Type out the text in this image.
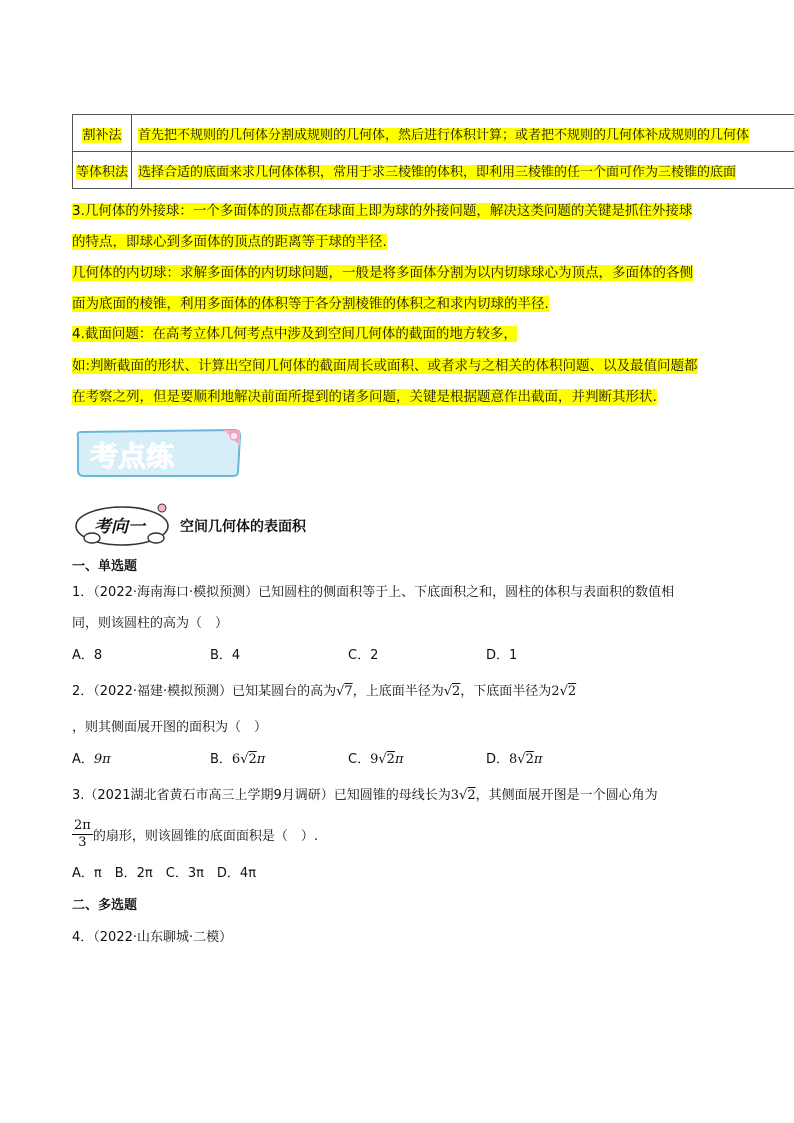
割补法	首先把不规则的几何体分割成规则的几何体，然后进行体积计算；或者把不规则的几何体补成规则的几何体
等体积法	选择合适的底面来求几何体体积，常用于求三棱锥的体积，即利用三棱锥的任一个面可作为三棱锥的底面
3.几何体的外接球：一个多面体的顶点都在球面上即为球的外接问题，解决这类问题的关键是抓住外接球
的特点，即球心到多面体的顶点的距离等于球的半径.
几何体的内切球：求解多面体的内切球问题，一般是将多面体分割为以内切球球心为顶点，多面体的各侧
面为底面的棱锥，利用多面体的体积等于各分割棱锥的体积之和求内切球的半径.
4.截面问题：在高考立体几何考点中涉及到空间几何体的截面的地方较多，
如:判断截面的形状、计算出空间几何体的截面周长或面积、或者求与之相关的体积问题、以及最值问题都
在考察之列，但是要顺利地解决前面所提到的诸多问题，关键是根据题意作出截面，并判断其形状.
考点练
考向一	空间几何体的表面积
一、单选题
1．（2022·海南海口·模拟预测）已知圆柱的侧面积等于上、下底面积之和，圆柱的体积与表面积的数值相
同，则该圆柱的高为（　）
A．8	B．4	C．2	D．1
2．（2022·福建·模拟预测）已知某圆台的高为√7，上底面半径为√2，下底面半径为2√2
，则其侧面展开图的面积为（　）
A．9π	B．6√2π	C．9√2π	D．8√2π
3.（2021湖北省黄石市高三上学期9月调研）已知圆锥的母线长为3√2，其侧面展开图是一个圆心角为
$\frac{2\pi}{3}$ 的扇形，则该圆锥的底面面积是（　）.
A．π　B．2π　C．3π　D．4π
二、多选题
4．（2022·山东聊城·二模）
